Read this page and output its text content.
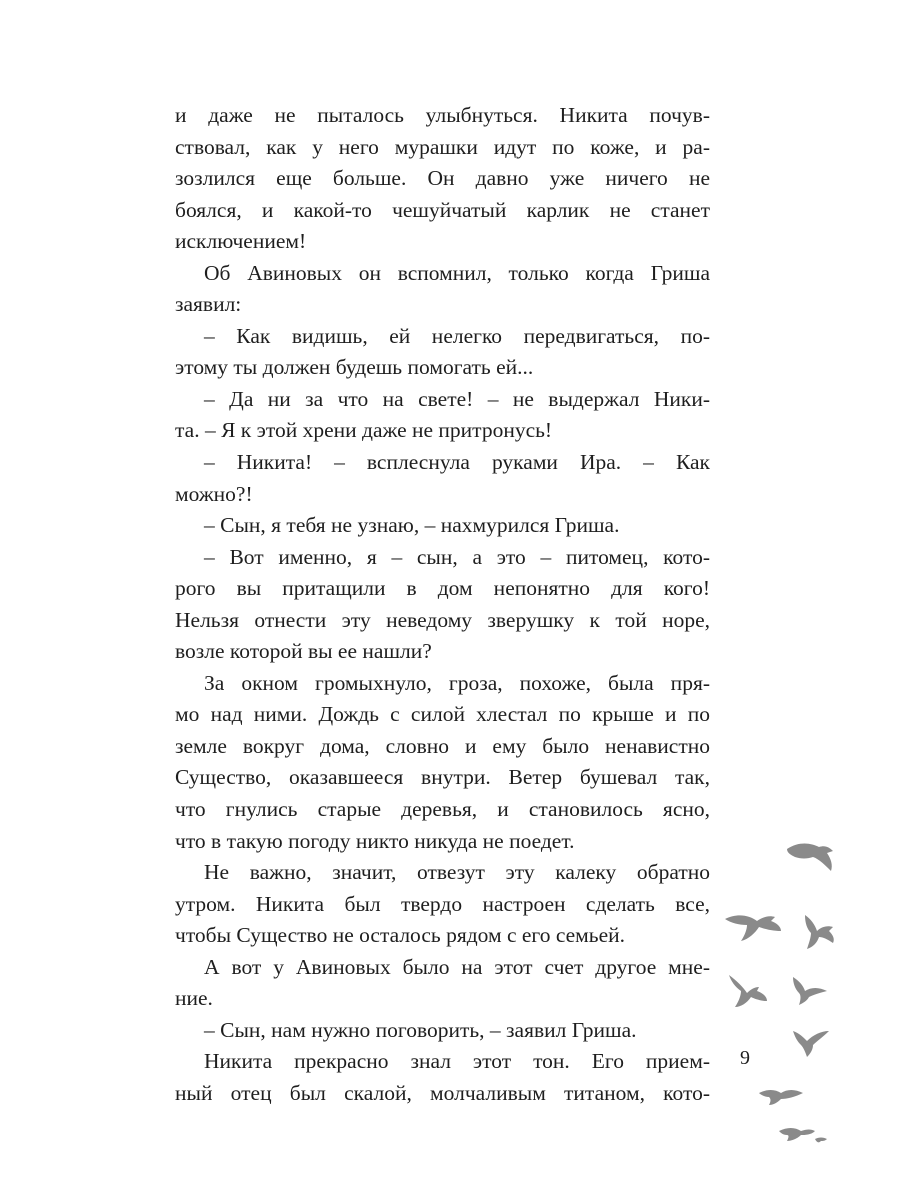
и даже не пыталось улыбнуться. Никита почув-
ствовал, как у него мурашки идут по коже, и ра-
зозлился еще больше. Он давно уже ничего не
боялся, и какой-то чешуйчатый карлик не станет
исключением!
Об Авиновых он вспомнил, только когда Гриша
заявил:
– Как видишь, ей нелегко передвигаться, по-
этому ты должен будешь помогать ей...
– Да ни за что на свете! – не выдержал Ники-
та. – Я к этой хрени даже не притронусь!
– Никита! – всплеснула руками Ира. – Как
можно?!
– Сын, я тебя не узнаю, – нахмурился Гриша.
– Вот именно, я – сын, а это – питомец, кото-
рого вы притащили в дом непонятно для кого!
Нельзя отнести эту неведому зверушку к той норе,
возле которой вы ее нашли?
За окном громыхнуло, гроза, похоже, была пря-
мо над ними. Дождь с силой хлестал по крыше и по
земле вокруг дома, словно и ему было ненавистно
Существо, оказавшееся внутри. Ветер бушевал так,
что гнулись старые деревья, и становилось ясно,
что в такую погоду никто никуда не поедет.
Не важно, значит, отвезут эту калеку обратно
утром. Никита был твердо настроен сделать все,
чтобы Существо не осталось рядом с его семьей.
А вот у Авиновых было на этот счет другое мне-
ние.
– Сын, нам нужно поговорить, – заявил Гриша.
Никита прекрасно знал этот тон. Его прием-
ный отец был скалой, молчаливым титаном, кото-
9
